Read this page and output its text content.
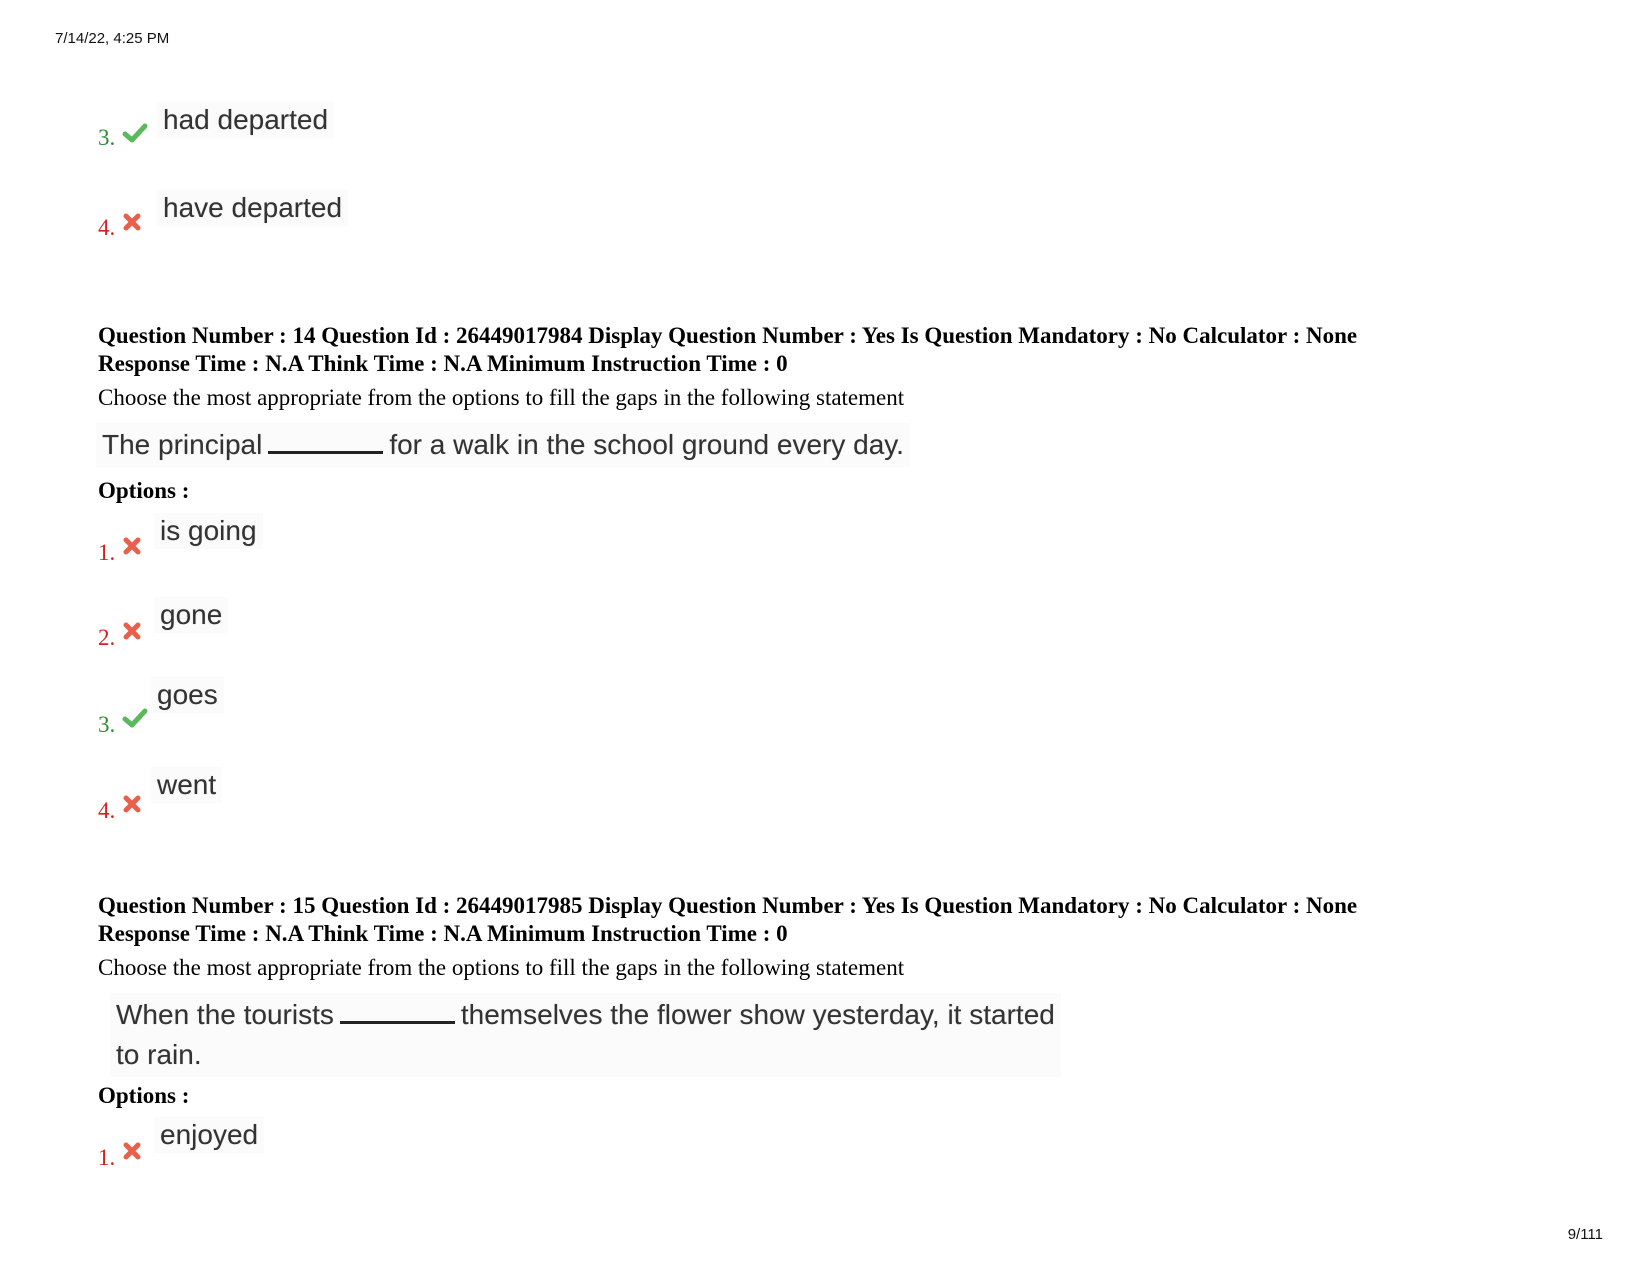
7/14/22, 4:25 PM
3.
had departed
4.
have departed
Question Number : 14 Question Id : 26449017984 Display Question Number : Yes Is Question Mandatory : No Calculator : None
Response Time : N.A Think Time : N.A Minimum Instruction Time : 0
Choose the most appropriate from the options to fill the gaps in the following statement
The principal	for a walk in the school ground every day.
Options :
1.
is going
2.
gone
3.
goes
4.
went
Question Number : 15 Question Id : 26449017985 Display Question Number : Yes Is Question Mandatory : No Calculator : None
Response Time : N.A Think Time : N.A Minimum Instruction Time : 0
Choose the most appropriate from the options to fill the gaps in the following statement
When the tourists	themselves the flower show yesterday, it started
to rain.
Options :
1.
enjoyed
9/111
